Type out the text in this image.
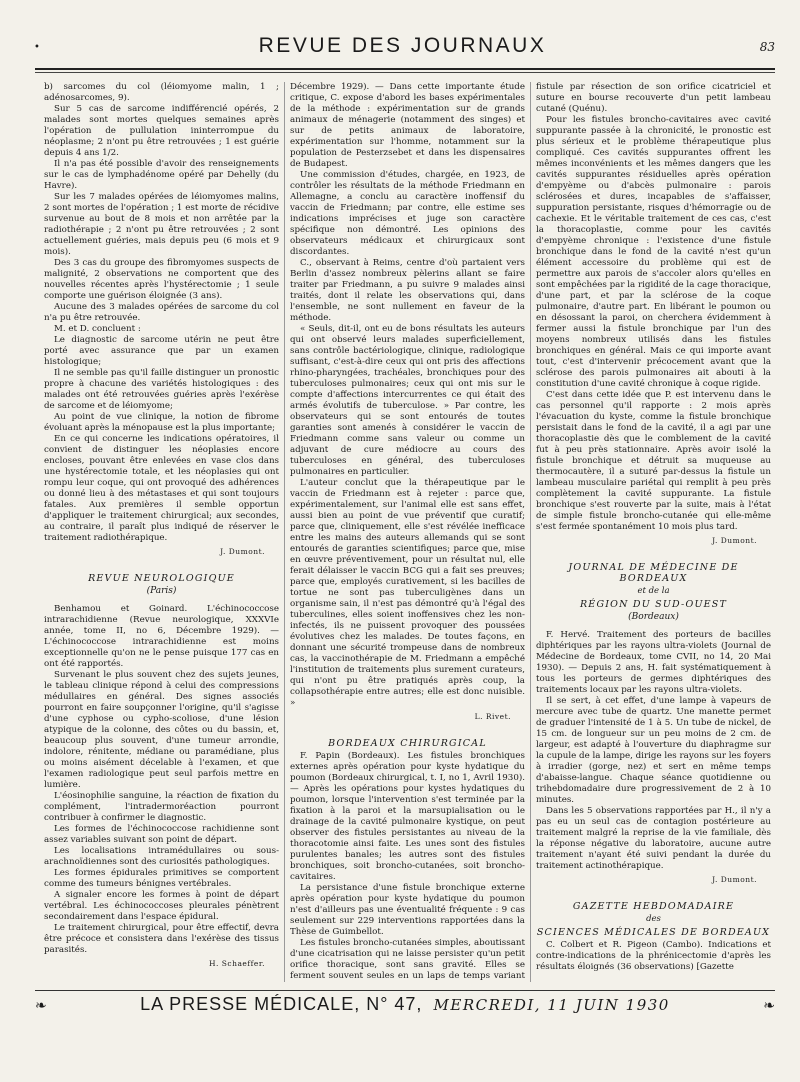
•	REVUE DES JOURNAUX	83

b) sarcomes du col (léiomyome malin, 1 ; adénosarcomes, 9).

Sur 5 cas de sarcome indifférencié opérés, 2 malades sont mortes quelques semaines après l'opération de pullulation ininterrompue du néoplasme; 2 n'ont pu être retrouvées ; 1 est guérie depuis 4 ans 1/2.

Il n'a pas été possible d'avoir des renseignements sur le cas de lymphadénome opéré par Dehelly (du Havre).

Sur les 7 malades opérées de léiomyomes malins, 2 sont mortes de l'opération ; 1 est morte de récidive survenue au bout de 8 mois et non arrêtée par la radiothérapie ; 2 n'ont pu être retrouvées ; 2 sont actuellement guéries, mais depuis peu (6 mois et 9 mois).

Des 3 cas du groupe des fibromyomes suspects de malignité, 2 observations ne comportent que des nouvelles récentes après l'hystérectomie ; 1 seule comporte une guérison éloignée (3 ans).

Aucune des 3 malades opérées de sarcome du col n'a pu être retrouvée.

M. et D. concluent :

Le diagnostic de sarcome utérin ne peut être porté avec assurance que par un examen histologique;

Il ne semble pas qu'il faille distinguer un pronostic propre à chacune des variétés histologiques : des malades ont été retrouvées guéries après l'exérèse de sarcome et de léiomyome;

Au point de vue clinique, la notion de fibrome évoluant après la ménopause est la plus importante;

En ce qui concerne les indications opératoires, il convient de distinguer les néoplasies encore encloses, pouvant être enlevées en vase clos dans une hystérectomie totale, et les néoplasies qui ont rompu leur coque, qui ont provoqué des adhérences ou donné lieu à des métastases et qui sont toujours fatales. Aux premières il semble opportun d'appliquer le traitement chirurgical; aux secondes, au contraire, il paraît plus indiqué de réserver le traitement radiothérapique.

J. Dumont.
REVUE NEUROLOGIQUE
(Paris)

Benhamou et Goinard. L'échinococcose intrarachidienne (Revue neurologique, XXXVIe année, tome II, no 6, Décembre 1929). — L'échinococcose intrarachidienne est moins exceptionnelle qu'on ne le pense puisque 177 cas en ont été rapportés.

Survenant le plus souvent chez des sujets jeunes, le tableau clinique répond à celui des compressions médullaires en général. Des signes associés pourront en faire soupçonner l'origine, qu'il s'agisse d'une cyphose ou cypho-scoliose, d'une lésion atypique de la colonne, des côtes ou du bassin, et, beaucoup plus souvent, d'une tumeur arrondie, indolore, rénitente, médiane ou paramédiane, plus ou moins aisément décelable à l'examen, et que l'examen radiologique peut seul parfois mettre en lumière.

L'éosinophilie sanguine, la réaction de fixation du complément, l'intradermoréaction pourront contribuer à confirmer le diagnostic.

Les formes de l'échinococcose rachidienne sont assez variables suivant son point de départ.

Les localisations intramédullaires ou sous-arachnoïdiennes sont des curiosités pathologiques.

Les formes épidurales primitives se comportent comme des tumeurs bénignes vertébrales.

A signaler encore les formes à point de départ vertébral. Les échinococcoses pleurales pénètrent secondairement dans l'espace épidural.

Le traitement chirurgical, pour être effectif, devra être précoce et consistera dans l'exérèse des tissus parasités.

H. Schaeffer.

Décembre 1929). — Dans cette importante étude critique, C. expose d'abord les bases expérimentales de la méthode : expérimentation sur de grands animaux de ménagerie (notamment des singes) et sur de petits animaux de laboratoire, expérimentation sur l'homme, notamment sur la population de Pesterzsebet et dans les dispensaires de Budapest.

Une commission d'études, chargée, en 1923, de contrôler les résultats de la méthode Friedmann en Allemagne, a conclu au caractère inoffensif du vaccin de Friedmann; par contre, elle estime ses indications imprécises et juge son caractère spécifique non démontré. Les opinions des observateurs médicaux et chirurgicaux sont discordantes.

C., observant à Reims, centre d'où partaient vers Berlin d'assez nombreux pèlerins allant se faire traiter par Friedmann, a pu suivre 9 malades ainsi traités, dont il relate les observations qui, dans l'ensemble, ne sont nullement en faveur de la méthode.

« Seuls, dit-il, ont eu de bons résultats les auteurs qui ont observé leurs malades superficiellement, sans contrôle bactériologique, clinique, radiologique suffisant, c'est-à-dire ceux qui ont pris des affections rhino-pharyngées, trachéales, bronchiques pour des tuberculoses pulmonaires; ceux qui ont mis sur le compte d'affections intercurrentes ce qui était des armés évolutifs de tuberculose. » Par contre, les observateurs qui se sont entourés de toutes garanties sont amenés à considérer le vaccin de Friedmann comme sans valeur ou comme un adjuvant de cure médiocre au cours des tuberculoses en général, des tuberculoses pulmonaires en particulier.

L'auteur conclut que la thérapeutique par le vaccin de Friedmann est à rejeter : parce que, expérimentalement, sur l'animal elle est sans effet, aussi bien au point de vue préventif que curatif; parce que, cliniquement, elle s'est révélée inefficace entre les mains des auteurs allemands qui se sont entourés de garanties scientifiques; parce que, mise en œuvre préventivement, pour un résultat nul, elle ferait délaisser le vaccin BCG qui a fait ses preuves; parce que, employés curativement, si les bacilles de tortue ne sont pas tuberculigènes dans un organisme sain, il n'est pas démontré qu'à l'égal des tuberculines, elles soient inoffensives chez les non-infectés, ils ne puissent provoquer des poussées évolutives chez les malades. De toutes façons, en donnant une sécurité trompeuse dans de nombreux cas, la vaccinothérapie de M. Friedmann a empêché l'institution de traitements plus surement curateurs, qui n'ont pu être pratiqués après coup, la collapsothérapie entre autres; elle est donc nuisible. »

L. Rivet.
BORDEAUX CHIRURGICAL

F. Papin (Bordeaux). Les fistules bronchiques externes après opération pour kyste hydatique du poumon (Bordeaux chirurgical, t. I, no 1, Avril 1930). — Après les opérations pour kystes hydatiques du poumon, lorsque l'intervention s'est terminée par la fixation à la paroi et la marsupialisation ou le drainage de la cavité pulmonaire kystique, on peut observer des fistules persistantes au niveau de la thoracotomie ainsi faite. Les unes sont des fistules purulentes banales; les autres sont des fistules bronchiques, soit broncho-cutanées, soit broncho-cavitaires.

La persistance d'une fistule bronchique externe après opération pour kyste hydatique du poumon n'est d'ailleurs pas une éventualité fréquente : 9 cas seulement sur 229 interventions rapportées dans la Thèse de Guimbellot.

Les fistules broncho-cutanées simples, aboutissant d'une cicatrisation qui ne laisse persister qu'un petit orifice thoracique, sont sans gravité. Elles se ferment souvent seules en un laps de temps variant

fistule par résection de son orifice cicatriciel et suture en bourse recouverte d'un petit lambeau cutané (Quénu).

Pour les fistules broncho-cavitaires avec cavité suppurante passée à la chronicité, le pronostic est plus sérieux et le problème thérapeutique plus compliqué. Ces cavités suppurantes offrent les mêmes inconvénients et les mêmes dangers que les cavités suppurantes résiduelles après opération d'empyème ou d'abcès pulmonaire : parois sclérosées et dures, incapables de s'affaisser, suppuration persistante, risques d'hémorragie ou de cachexie. Et le véritable traitement de ces cas, c'est la thoracoplastie, comme pour les cavités d'empyème chronique : l'existence d'une fistule bronchique dans le fond de la cavité n'est qu'un élément accessoire du problème qui est de permettre aux parois de s'accoler alors qu'elles en sont empêchées par la rigidité de la cage thoracique, d'une part, et par la sclérose de la coque pulmonaire, d'autre part. En libérant le poumon ou en désossant la paroi, on cherchera évidemment à fermer aussi la fistule bronchique par l'un des moyens nombreux utilisés dans les fistules bronchiques en général. Mais ce qui importe avant tout, c'est d'intervenir précocement avant que la sclérose des parois pulmonaires ait abouti à la constitution d'une cavité chronique à coque rigide.

C'est dans cette idée que P. est intervenu dans le cas personnel qu'il rapporte : 2 mois après l'évacuation du kyste, comme la fistule bronchique persistait dans le fond de la cavité, il a agi par une thoracoplastie dès que le comblement de la cavité fut à peu près stationnaire. Après avoir isolé la fistule bronchique et détruit sa muqueuse au thermocautère, il a suturé par-dessus la fistule un lambeau musculaire pariétal qui remplit à peu près complètement la cavité suppurante. La fistule bronchique s'est rouverte par la suite, mais à l'état de simple fistule broncho-cutanée qui elle-même s'est fermée spontanément 10 mois plus tard.

J. Dumont.
JOURNAL DE MÉDECINE DE BORDEAUX
et de la
RÉGION DU SUD-OUEST
(Bordeaux)

F. Hervé. Traitement des porteurs de bacilles diphtériques par les rayons ultra-violets (Journal de Médecine de Bordeaux, tome CVII, no 14, 20 Mai 1930). — Depuis 2 ans, H. fait systématiquement à tous les porteurs de germes diphtériques des traitements locaux par les rayons ultra-violets.

Il se sert, à cet effet, d'une lampe à vapeurs de mercure avec tube de quartz. Une manette permet de graduer l'intensité de 1 à 5. Un tube de nickel, de 15 cm. de longueur sur un peu moins de 2 cm. de largeur, est adapté à l'ouverture du diaphragme sur la cupule de la lampe, dirige les rayons sur les foyers à irradier (gorge, nez) et sert en même temps d'abaisse-langue. Chaque séance quotidienne ou trihebdomadaire dure progressivement de 2 à 10 minutes.

Dans les 5 observations rapportées par H., il n'y a pas eu un seul cas de contagion postérieure au traitement malgré la reprise de la vie familiale, dès la réponse négative du laboratoire, aucune autre traitement n'ayant été suivi pendant la durée du traitement actinothérapique.

J. Dumont.
GAZETTE HEBDOMADAIRE
des
SCIENCES MÉDICALES DE BORDEAUX

C. Colbert et R. Pigeon (Cambo). Indications et contre-indications de la phrénicectomie d'après les résultats éloignés (36 observations) [Gazette

❧	LA PRESSE MÉDICALE, N° 47, MERCREDI, 11 JUIN 1930	❧
